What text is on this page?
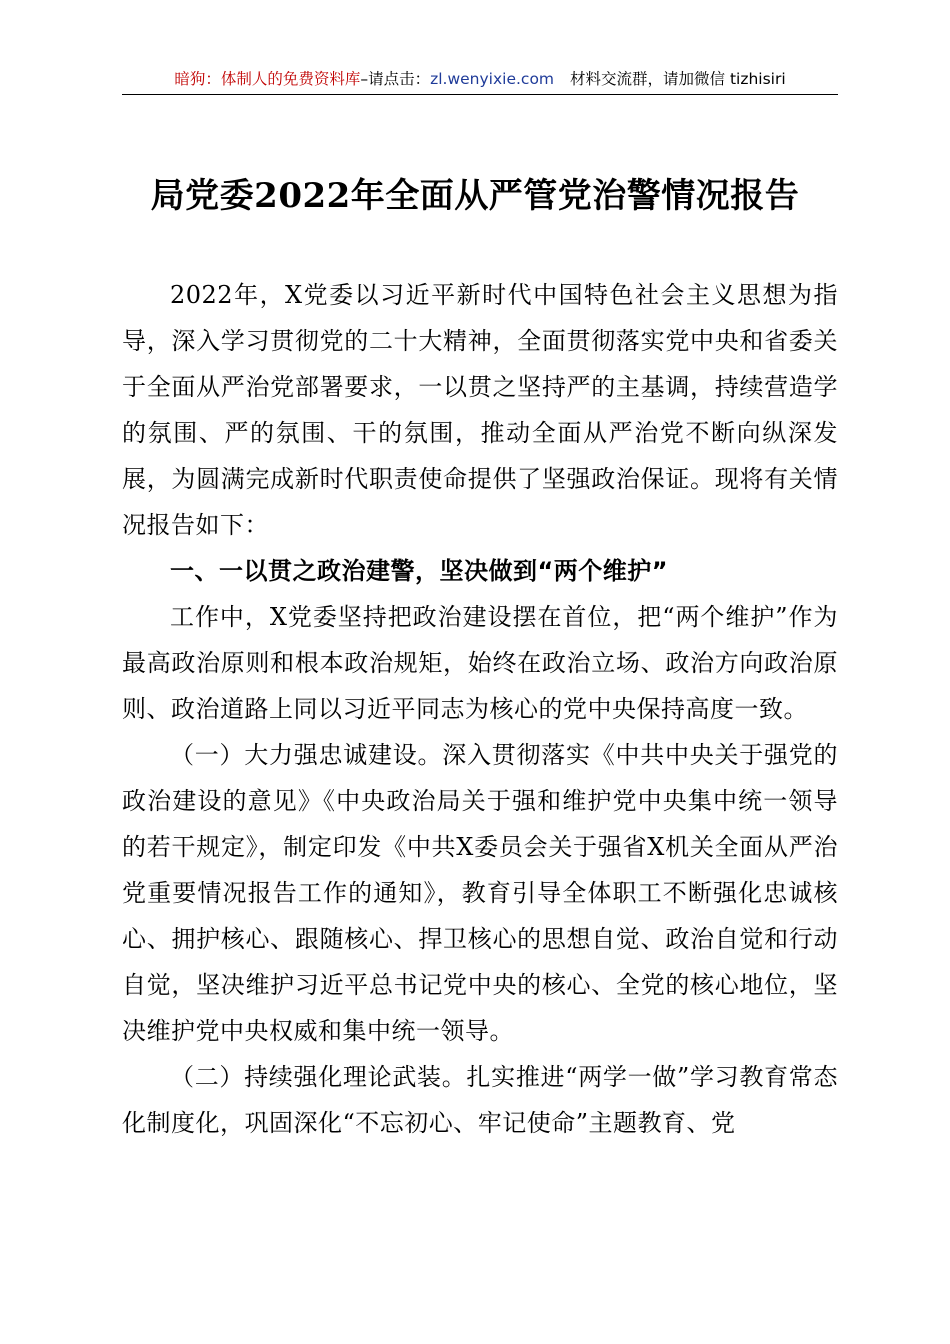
暗狗：体制人的免费资料库–请点击：zl.wenyixie.com 材料交流群，请加微信 tizhisiri
局党委2022年全面从严管党治警情况报告

2022年，X党委以习近平新时代中国特色社会主义思想为指导，深入学习贯彻党的二十大精神，全面贯彻落实党中央和省委关于全面从严治党部署要求，一以贯之坚持严的主基调，持续营造学的氛围、严的氛围、干的氛围，推动全面从严治党不断向纵深发展，为圆满完成新时代职责使命提供了坚强政治保证。现将有关情况报告如下：

一、一以贯之政治建警，坚决做到“两个维护”

工作中，X党委坚持把政治建设摆在首位，把“两个维护”作为最高政治原则和根本政治规矩，始终在政治立场、政治方向政治原则、政治道路上同以习近平同志为核心的党中央保持高度一致。

（一）大力强忠诚建设。深入贯彻落实《中共中央关于强党的政治建设的意见》《中央政治局关于强和维护党中央集中统一领导的若干规定》，制定印发《中共X委员会关于强省X机关全面从严治党重要情况报告工作的通知》，教育引导全体职工不断强化忠诚核心、拥护核心、跟随核心、捍卫核心的思想自觉、政治自觉和行动自觉，坚决维护习近平总书记党中央的核心、全党的核心地位，坚决维护党中央权威和集中统一领导。

（二）持续强化理论武装。扎实推进“两学一做”学习教育常态化制度化，巩固深化“不忘初心、牢记使命”主题教育、党
